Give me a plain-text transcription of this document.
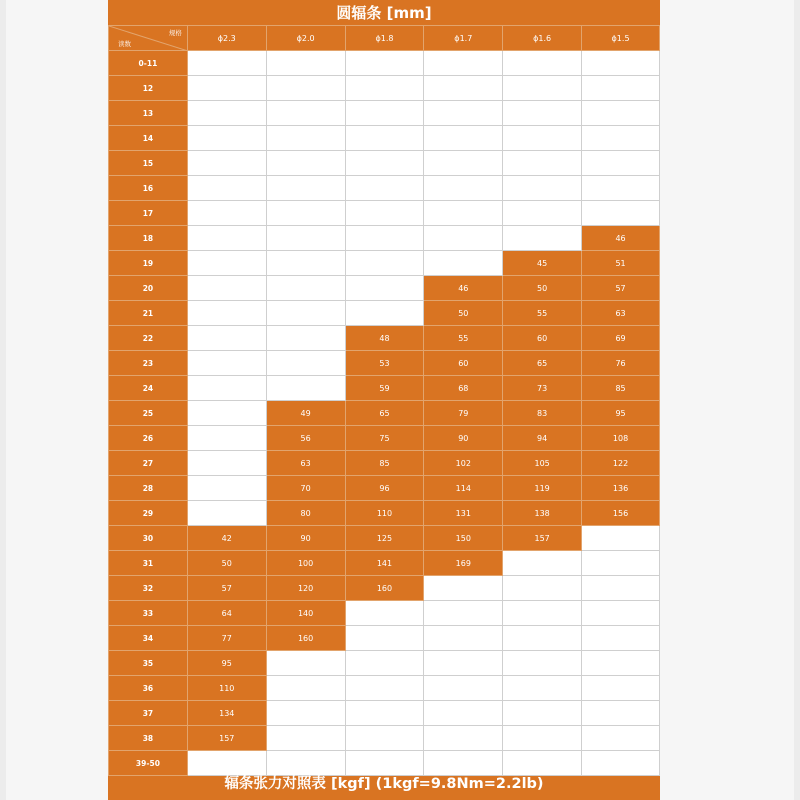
圆辐条 [mm]
规格
读数	ϕ2.3	ϕ2.0	ϕ1.8	ϕ1.7	ϕ1.6	ϕ1.5
0-11						
12						
13						
14						
15						
16						
17						
18						46
19					45	51
20				46	50	57
21				50	55	63
22			48	55	60	69
23			53	60	65	76
24			59	68	73	85
25		49	65	79	83	95
26		56	75	90	94	108
27		63	85	102	105	122
28		70	96	114	119	136
29		80	110	131	138	156
30	42	90	125	150	157	
31	50	100	141	169		
32	57	120	160			
33	64	140				
34	77	160				
35	95					
36	110					
37	134					
38	157					
39-50						
辐条张力对照表 [kgf] (1kgf=9.8Nm=2.2lb)
